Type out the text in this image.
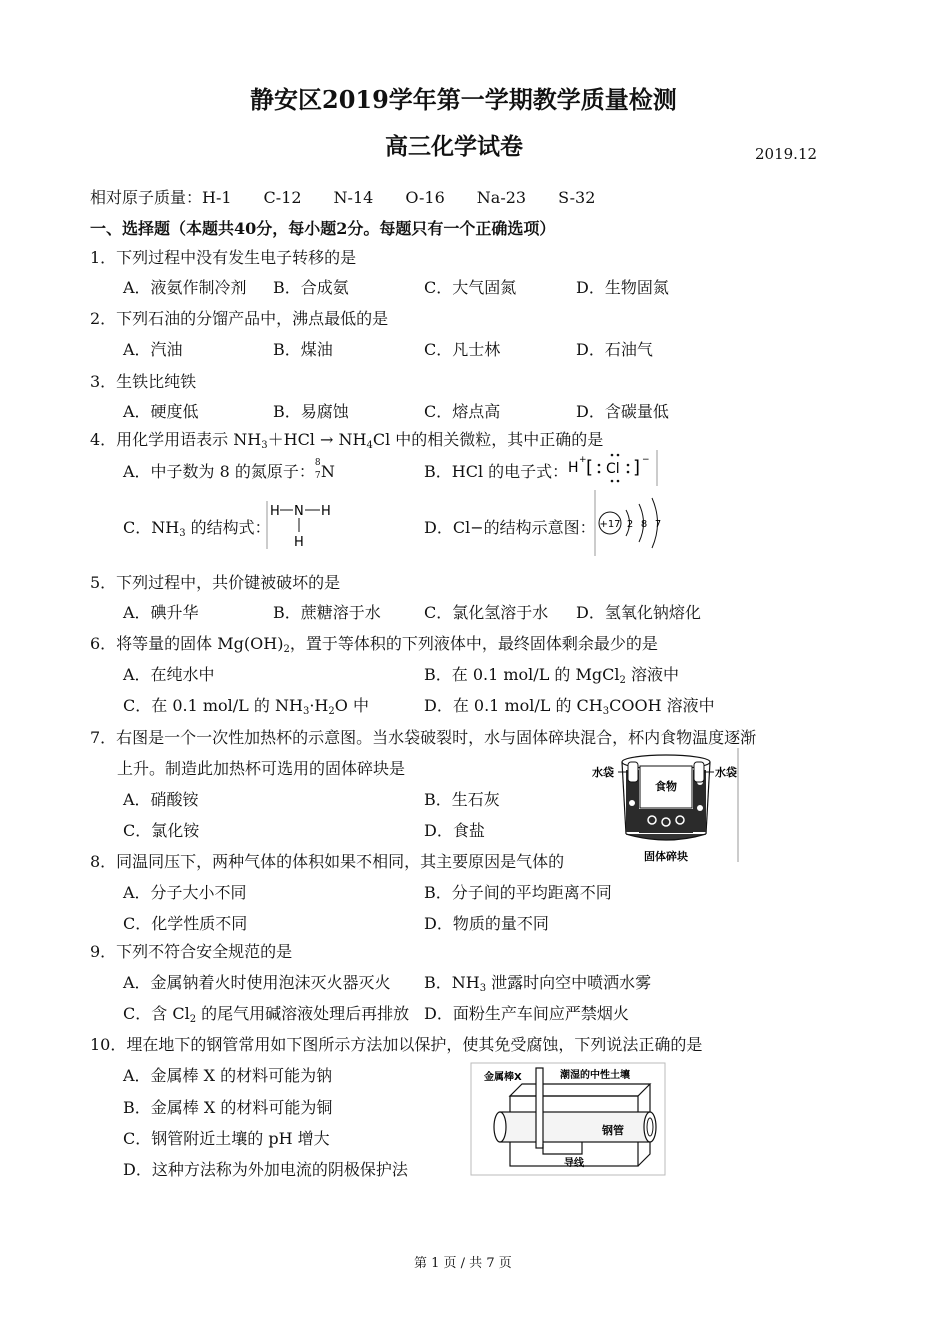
静安区2019学年第一学期教学质量检测
高三化学试卷	2019.12
相对原子质量：H-1　　C-12　　N-14　　O-16　　Na-23　　S-32
一、选择题（本题共40分，每小题2分。每题只有一个正确选项）
1．下列过程中没有发生电子转移的是
A．液氨作制冷剂 B．合成氨	C．大气固氮	D．生物固氮
2．下列石油的分馏产品中，沸点最低的是
A．汽油	B．煤油	C．凡士林	D．石油气
3．生铁比纯铁
A．硬度低	B．易腐蚀	C．熔点高	D．含碳量低
4．用化学用语表示 $NH_3+HCl \to NH_4Cl$ 中的相关微粒，其中正确的是
A．中子数为 8 的氮原子： 8
7 N	B．HCl 的电子式： H + [ Cl ] −
C．$NH_3$ 的结构式：
H N H
H
D．Cl−的结构示意图： +17 2 8 7
5．下列过程中，共价键被破坏的是
A．碘升华	B．蔗糖溶于水	C．氯化氢溶于水 D．氢氧化钠熔化
6．将等量的固体 $Mg(OH)_2$，置于等体积的下列液体中，最终固体剩余最少的是
A．在纯水中	B．在 0.1 mol/L 的 MgCl$_2$ 溶液中
C．在 0.1 mol/L 的 $NH_3\cdot H_2O$ 中	D．在 0.1 mol/L 的 $CH_3COOH$ 溶液中
7．右图是一个一次性加热杯的示意图。当水袋破裂时，水与固体碎块混合，杯内食物温度逐渐
上升。制造此加热杯可选用的固体碎块是
A．硝酸铵	B．生石灰
C．氯化铵	D．食盐
食物
水袋	水袋
固体碎块
8．同温同压下，两种气体的体积如果不相同，其主要原因是气体的
A．分子大小不同	B．分子间的平均距离不同
C．化学性质不同	D．物质的量不同
9．下列不符合安全规范的是
A．金属钠着火时使用泡沫灭火器灭火 B．$NH_3$ 泄露时向空中喷洒水雾
C．含 $Cl_2$ 的尾气用碱溶液处理后再排放 D．面粉生产车间应严禁烟火
10．埋在地下的钢管常用如下图所示方法加以保护，使其免受腐蚀，下列说法正确的是
A．金属棒 X 的材料可能为钠
B．金属棒 X 的材料可能为铜
C．钢管附近土壤的 pH 增大
D．这种方法称为外加电流的阴极保护法
金属棒X	潮湿的中性土壤
钢管
导线
第 1 页 / 共 7 页
